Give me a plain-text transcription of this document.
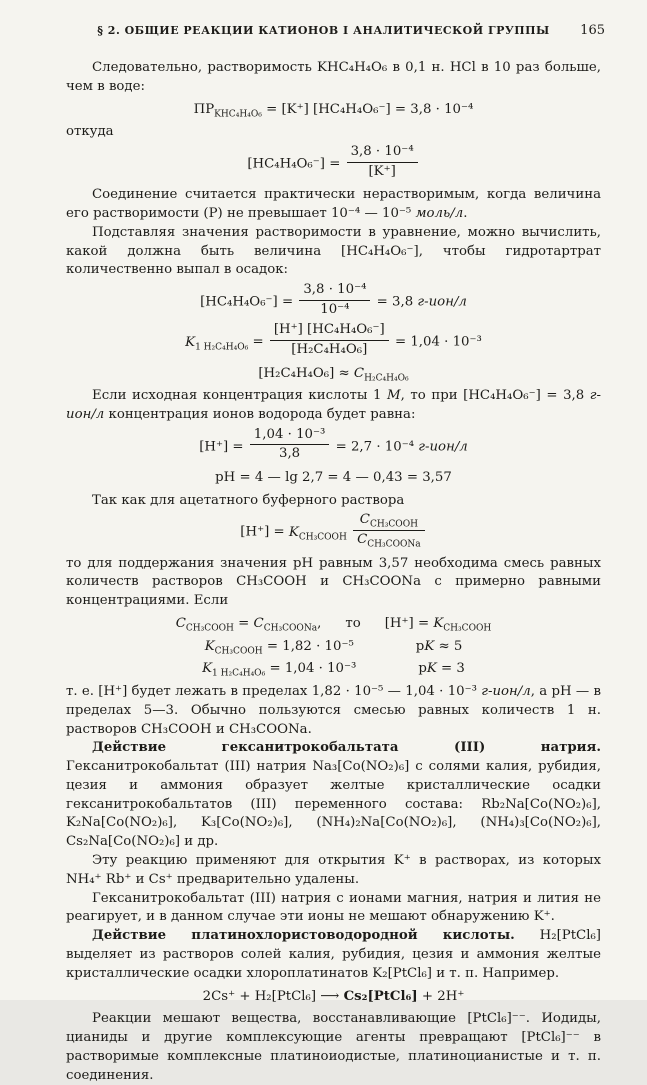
§ 2. ОБЩИЕ РЕАКЦИИ КАТИОНОВ I АНАЛИТИЧЕСКОЙ ГРУППЫ	165

Следовательно, растворимость KHC₄H₄O₆ в 0,1 н. HCl в 10 раз больше, чем в воде:

$ПР_{KHC_4H_4O_6} = [K^+] [HC_4H_4O_6^-] = 3,8 \cdot 10^{-4}$

откуда

$[HC_4H_4O_6^-] = \frac{\text{3,8 · 10⁻⁴}}{[K^+]}$

Соединение считается практически нерастворимым, когда величина его растворимости (Р) не превышает 10⁻⁴ — 10⁻⁵ моль/л.

Подставляя значения растворимости в уравнение, можно вычислить, какой должна быть величина [HC₄H₄O₆⁻], чтобы гидротартрат количественно выпал в осадок:

$[HC_4H_4O_6^-] = \frac{\text{3,8 · 10⁻⁴}}{\text{10⁻⁴}} = 3,8$ г-ион/л
$K_{1 H_2C_4H_4O_6} = \frac{\text{[H⁺] [HC₄H₄O₆⁻]}}{\text{[H₂C₄H₄O₆]}} = 1,04 \cdot 10^{-3}$
$[H_2C_4H_4O_6] \approx C_{H_2C_4H_4O_6}$

Если исходная концентрация кислоты 1 М, то при [HC₄H₄O₆⁻] = 3,8 г-ион/л концентрация ионов водорода будет равна:

$[H^+] = \frac{\text{1,04 · 10⁻³}}{3,8} = 2,7 \cdot 10^{-4}$ г-ион/л
pH = 4 — lg 2,7 = 4 — 0,43 = 3,57

Так как для ацетатного буферного раствора

$[H^+] = K_{CH_3COOH} \frac{C_{CH_3COOH}}{C_{CH_3COONa}}$

то для поддержания значения pH равным 3,57 необходима смесь равных количеств растворов CH₃COOH и CH₃COONa с примерно равными концентрациями. Если

$C_{CH_3COOH} = C_{CH_3COONa}$, то $[H^+] = K_{CH_3COOH}$
$K_{CH_3COOH} = 1,82 \cdot 10^{-5}$	pK ≈ 5
$K_{1 H_2C_4H_4O_6} = 1,04 \cdot 10^{-3}$	pK = 3

т. е. [H⁺] будет лежать в пределах 1,82 · 10⁻⁵ — 1,04 · 10⁻³ г-ион/л, а pH — в пределах 5—3. Обычно пользуются смесью равных количеств 1 н. растворов CH₃COOH и CH₃COONa.

Действие гексанитрокобальтата (III) натрия. Гексанитрокобальтат (III) натрия Na₃[Co(NO₂)₆] с солями калия, рубидия, цезия и аммония образует желтые кристаллические осадки гексанитрокобальтатов (III) переменного состава: Rb₂Na[Co(NO₂)₆], K₂Na[Co(NO₂)₆], K₃[Co(NO₂)₆], (NH₄)₂Na[Co(NO₂)₆], (NH₄)₃[Co(NO₂)₆], Cs₂Na[Co(NO₂)₆] и др.

Эту реакцию применяют для открытия K⁺ в растворах, из которых NH₄⁺ Rb⁺ и Cs⁺ предварительно удалены.

Гексанитрокобальтат (III) натрия с ионами магния, натрия и лития не реагирует, и в данном случае эти ионы не мешают обнаружению K⁺.

Действие платинохлористоводородной кислоты. H₂[PtCl₆] выделяет из растворов солей калия, рубидия, цезия и аммония желтые кристаллические осадки хлороплатинатов K₂[PtCl₆] и т. п. Например.

2Cs⁺ + H₂[PtCl₆] ⟶ Cs₂[PtCl₆] + 2H⁺

Реакции мешают вещества, восстанавливающие [PtCl₆]⁻⁻. Иодиды, цианиды и другие комплексующие агенты превращают [PtCl₆]⁻⁻ в растворимые комплексные платиноиодистые, платиноцианистые и т. п. соединения.
